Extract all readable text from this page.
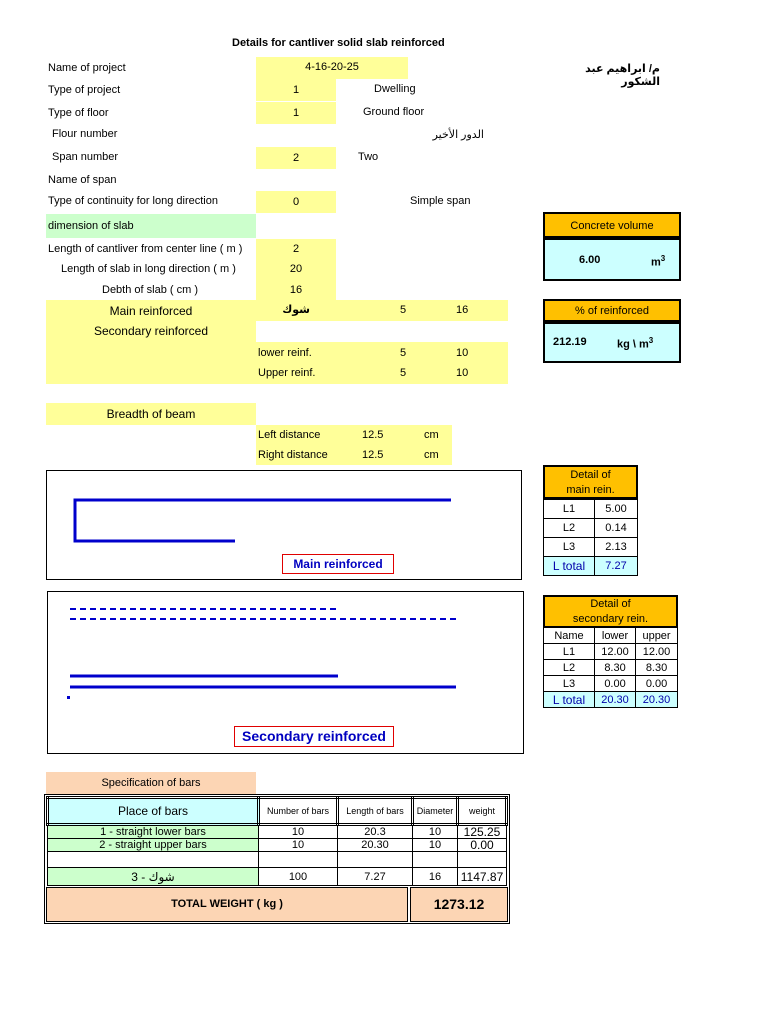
Details for cantliver solid slab reinforced
م/ ابراهيم عبد الشكور
Name of project	4-16-20-25
Type of project	1	Dwelling
Type of floor	1	Ground floor
Flour number	الدور الأخير
Span number	2	Two
Name of span
Type of continuity for long direction	0	Simple span
dimension of slab
Length of cantliver from center line ( m )	2
Length of slab in long direction ( m )	20
Debth of slab ( cm )	16
Main reinforced	شوك	5	16
Secondary reinforced
lower reinf.	5	10
Upper reinf.	5	10
Breadth of beam
Left distance	12.5	cm
Right distance	12.5	cm
Concrete volume
6.00	$m^3$
% of reinforced
212.19	kg \ $m^3$
Main reinforced
Secondary reinforced
Detail of
main rein.
L1	5.00
L2	0.14
L3	2.13
L total	7.27
Detail of
secondary rein.
Name	lower	upper
L1	12.00	12.00
L2	8.30	8.30
L3	0.00	0.00
L total	20.30	20.30
Specification of bars
Place of bars	Number of bars	Length of bars	Diameter	weight
1 - straight lower bars	10	20.3	10	125.25
2 - straight upper bars	10	20.30	10	0.00

3 - شوك	100	7.27	16	1147.87
TOTAL WEIGHT ( kg )	1273.12
